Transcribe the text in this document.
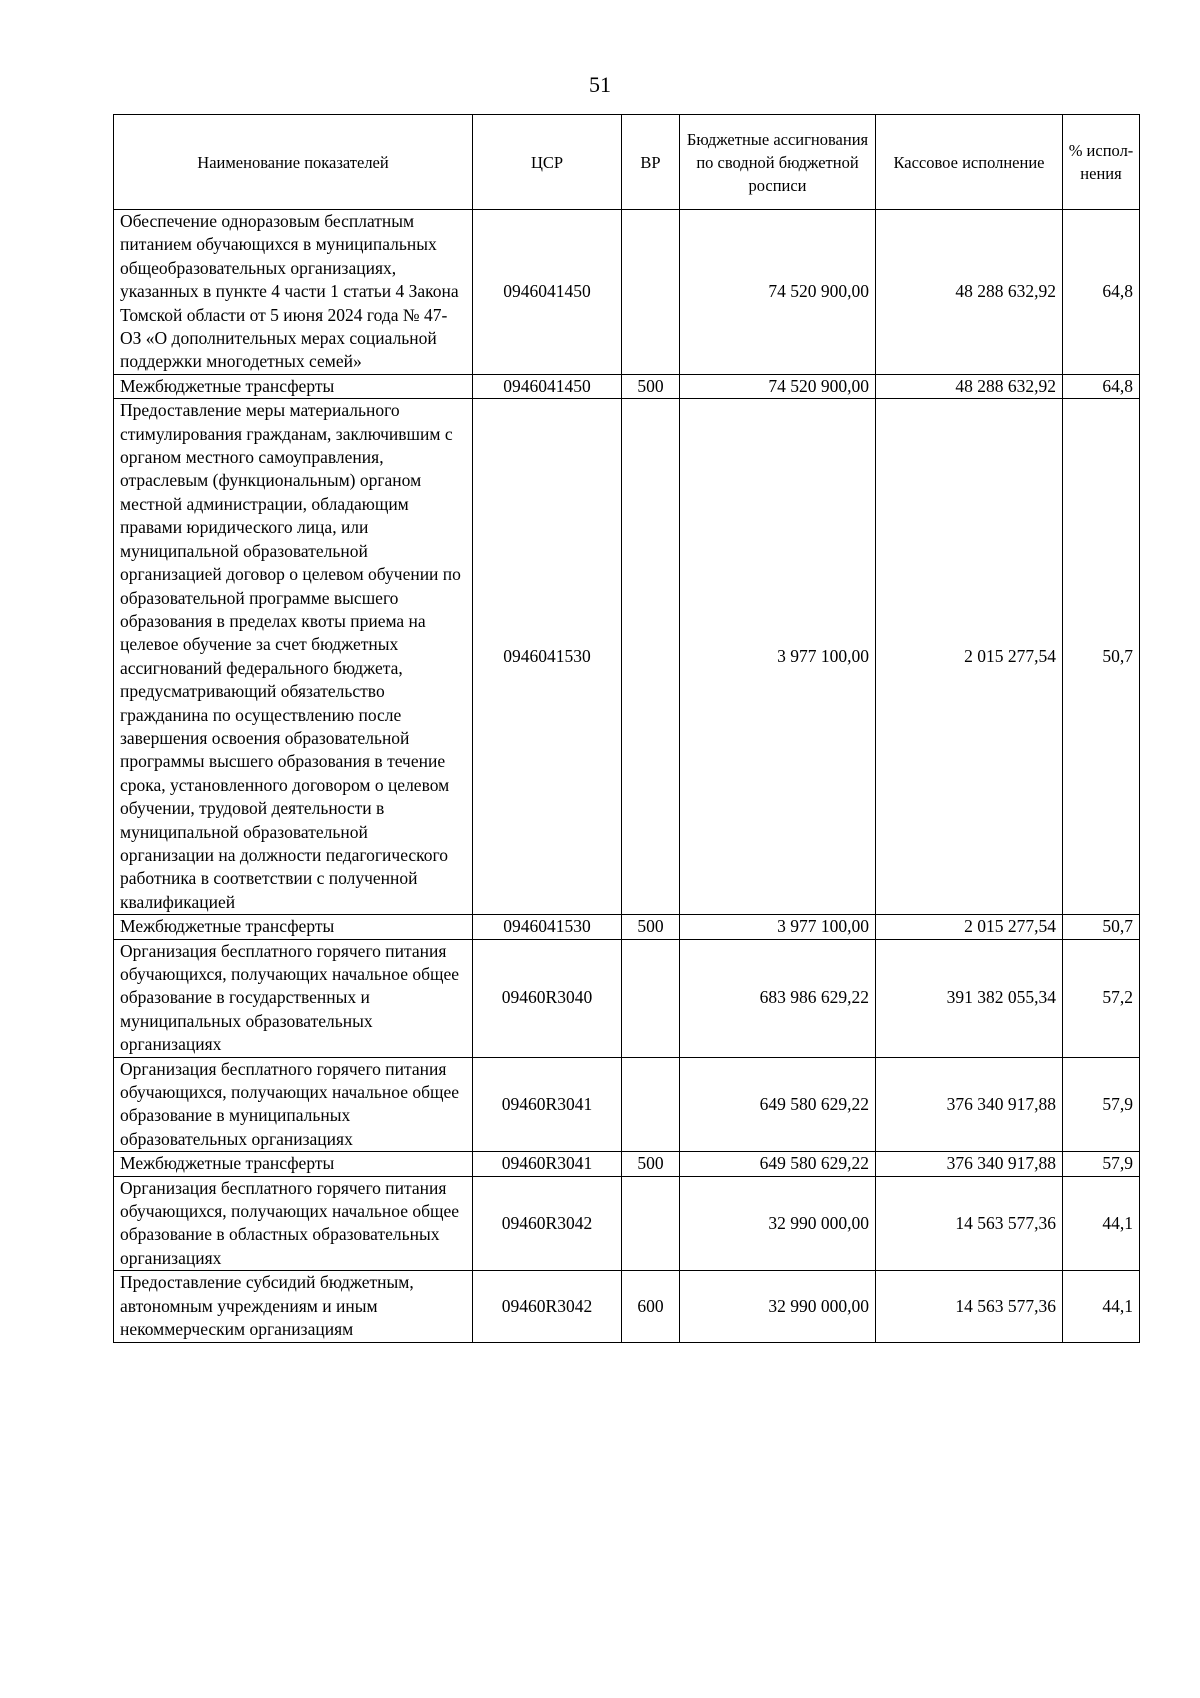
51
Наименование показателей	ЦСР	ВР	Бюджетные ассигнования по сводной бюджетной росписи	Кассовое исполнение	% испол-нения
Обеспечение одноразовым бесплатным питанием обучающихся в муниципальных общеобразовательных организациях, указанных в пункте 4 части 1 статьи 4 Закона Томской области от 5 июня 2024 года № 47-ОЗ «О дополнительных мерах социальной поддержки многодетных семей»	0946041450		74 520 900,00	48 288 632,92	64,8
Межбюджетные трансферты	0946041450	500	74 520 900,00	48 288 632,92	64,8
Предоставление меры материального стимулирования гражданам, заключившим с органом местного самоуправления, отраслевым (функциональным) органом местной администрации, обладающим правами юридического лица, или муниципальной образовательной организацией договор о целевом обучении по образовательной программе высшего образования в пределах квоты приема на целевое обучение за счет бюджетных ассигнований федерального бюджета, предусматривающий обязательство гражданина по осуществлению после завершения освоения образовательной программы высшего образования в течение срока, установленного договором о целевом обучении, трудовой деятельности в муниципальной образовательной организации на должности педагогического работника в соответствии с полученной квалификацией	0946041530		3 977 100,00	2 015 277,54	50,7
Межбюджетные трансферты	0946041530	500	3 977 100,00	2 015 277,54	50,7
Организация бесплатного горячего питания обучающихся, получающих начальное общее образование в государственных и муниципальных образовательных организациях	09460R3040		683 986 629,22	391 382 055,34	57,2
Организация бесплатного горячего питания обучающихся, получающих начальное общее образование в муниципальных образовательных организациях	09460R3041		649 580 629,22	376 340 917,88	57,9
Межбюджетные трансферты	09460R3041	500	649 580 629,22	376 340 917,88	57,9
Организация бесплатного горячего питания обучающихся, получающих начальное общее образование в областных образовательных организациях	09460R3042		32 990 000,00	14 563 577,36	44,1
Предоставление субсидий бюджетным, автономным учреждениям и иным некоммерческим организациям	09460R3042	600	32 990 000,00	14 563 577,36	44,1
